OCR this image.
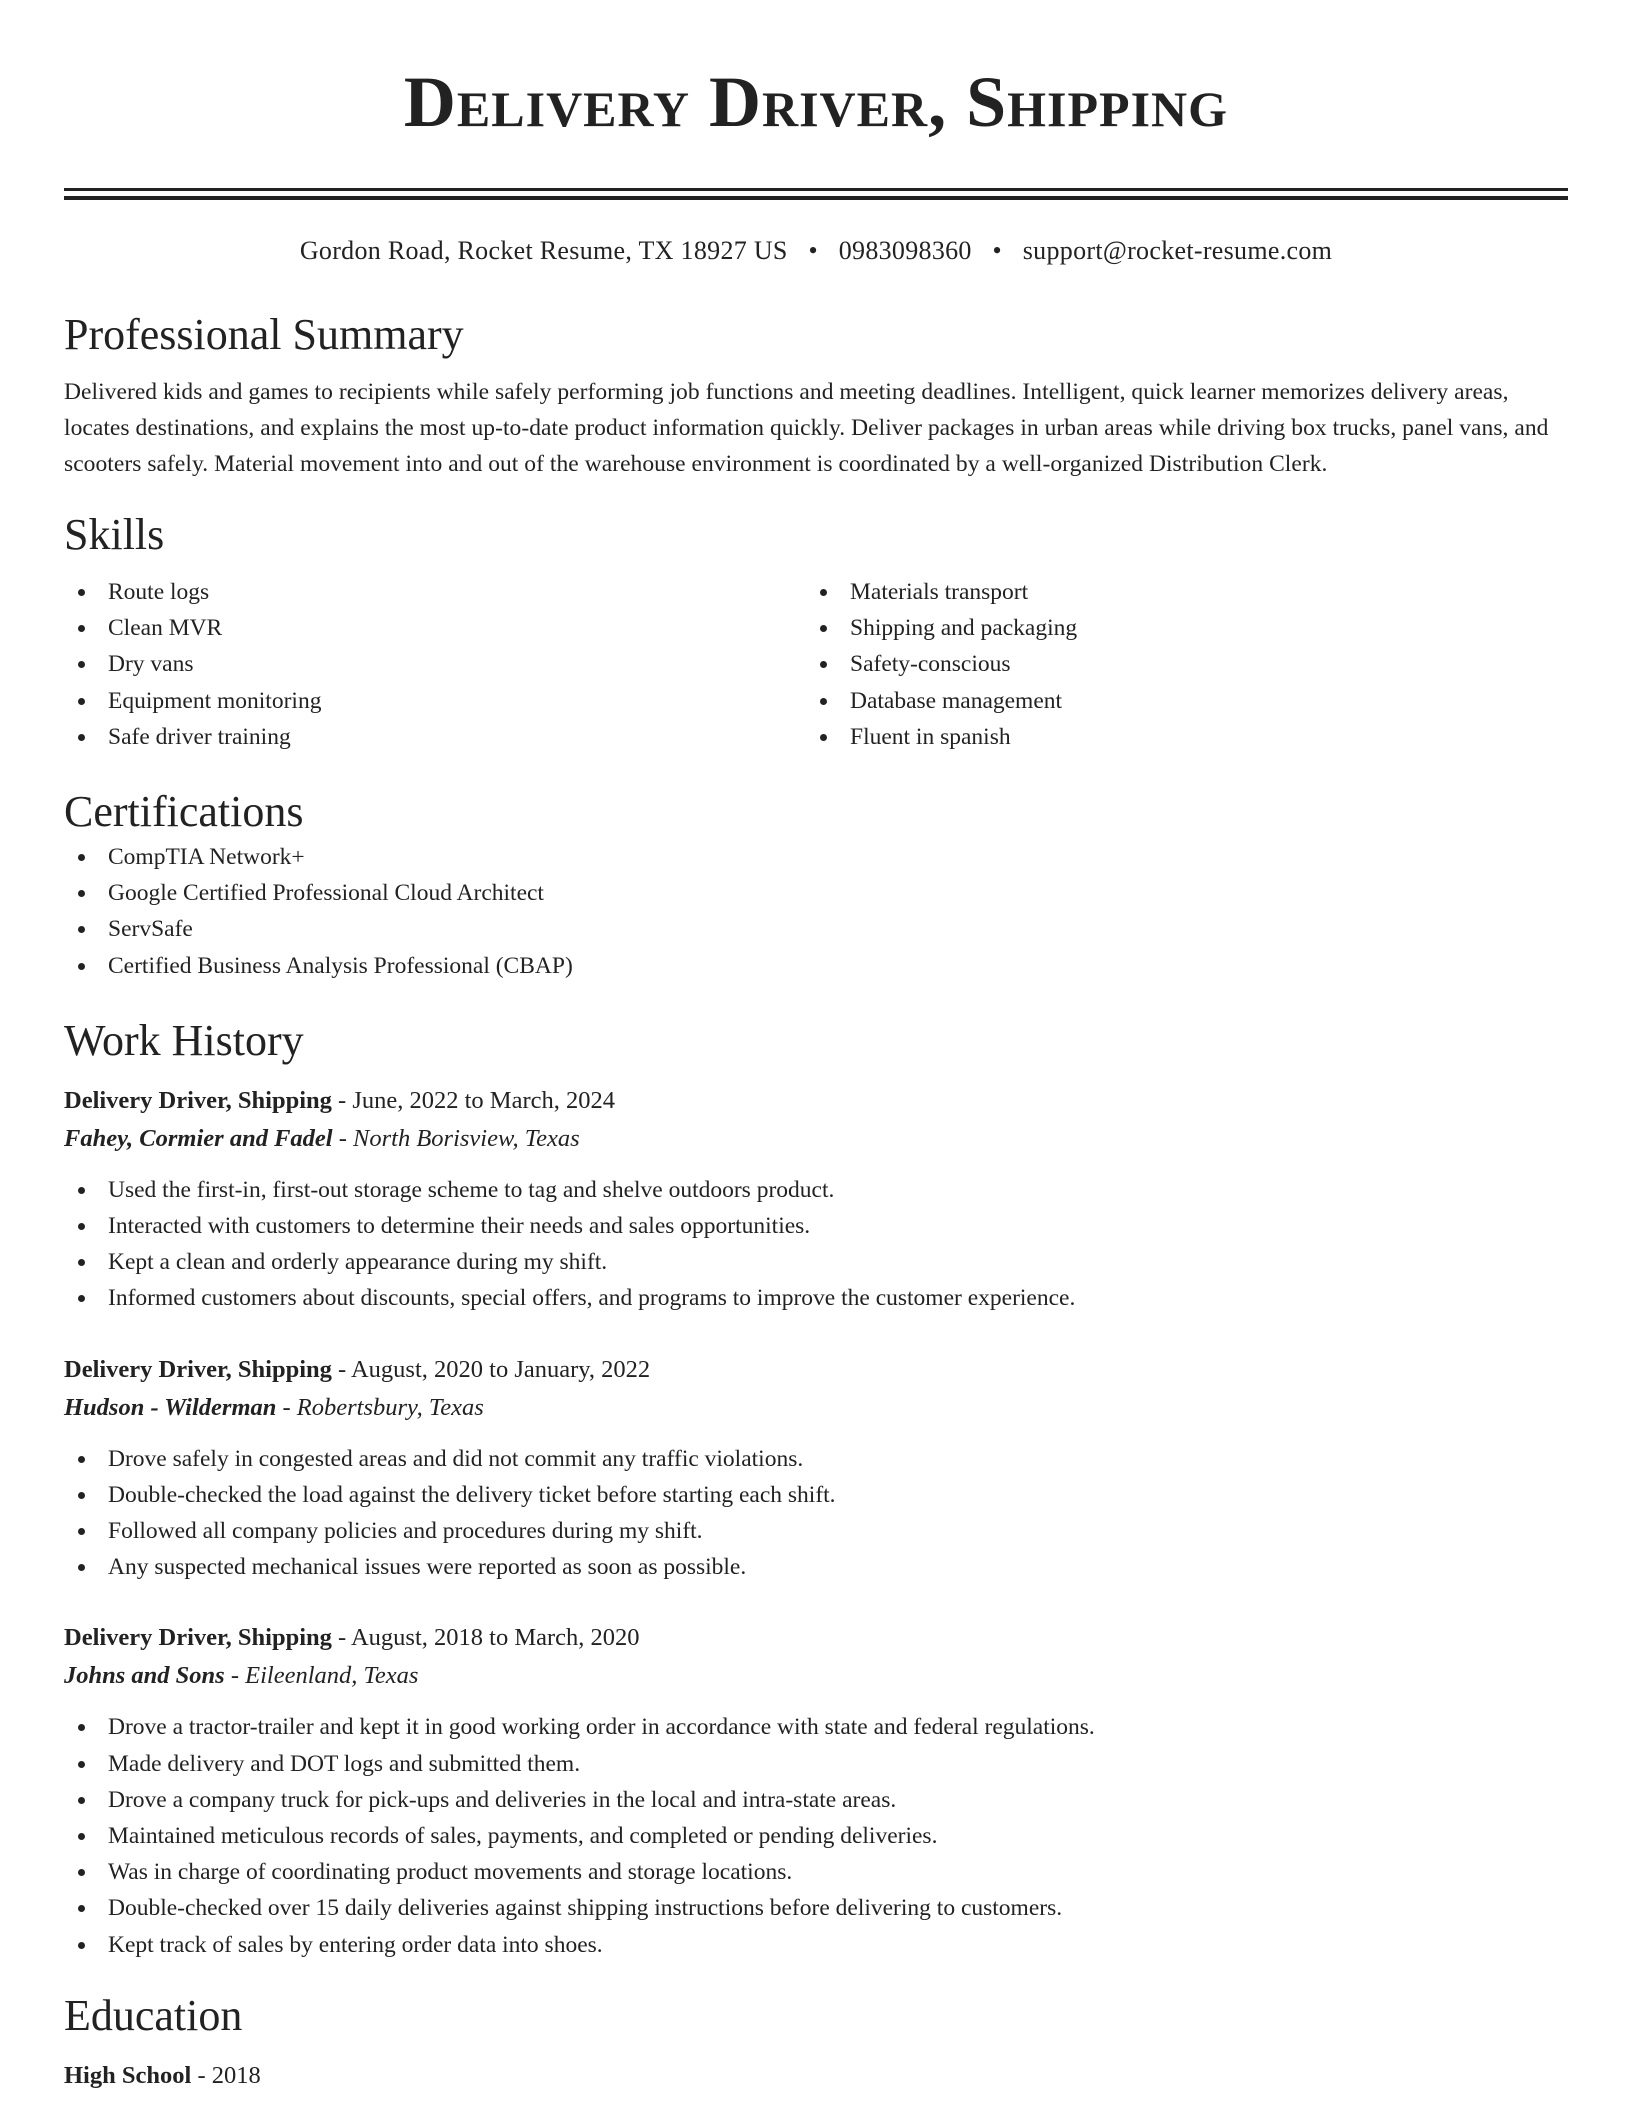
Delivery Driver, Shipping
Gordon Road, Rocket Resume, TX 18927 US • 0983098360 • support@rocket-resume.com
Professional Summary

Delivered kids and games to recipients while safely performing job functions and meeting deadlines. Intelligent, quick learner memorizes delivery areas, locates destinations, and explains the most up-to-date product information quickly. Deliver packages in urban areas while driving box trucks, panel vans, and scooters safely. Material movement into and out of the warehouse environment is coordinated by a well-organized Distribution Clerk.

Skills
Route logs
Clean MVR
Dry vans
Equipment monitoring
Safe driver training
Materials transport
Shipping and packaging
Safety-conscious
Database management
Fluent in spanish
Certifications
CompTIA Network+
Google Certified Professional Cloud Architect
ServSafe
Certified Business Analysis Professional (CBAP)
Work History
Delivery Driver, Shipping - June, 2022 to March, 2024
Fahey, Cormier and Fadel - North Borisview, Texas
Used the first-in, first-out storage scheme to tag and shelve outdoors product.
Interacted with customers to determine their needs and sales opportunities.
Kept a clean and orderly appearance during my shift.
Informed customers about discounts, special offers, and programs to improve the customer experience.
Delivery Driver, Shipping - August, 2020 to January, 2022
Hudson - Wilderman - Robertsbury, Texas
Drove safely in congested areas and did not commit any traffic violations.
Double-checked the load against the delivery ticket before starting each shift.
Followed all company policies and procedures during my shift.
Any suspected mechanical issues were reported as soon as possible.
Delivery Driver, Shipping - August, 2018 to March, 2020
Johns and Sons - Eileenland, Texas
Drove a tractor-trailer and kept it in good working order in accordance with state and federal regulations.
Made delivery and DOT logs and submitted them.
Drove a company truck for pick-ups and deliveries in the local and intra-state areas.
Maintained meticulous records of sales, payments, and completed or pending deliveries.
Was in charge of coordinating product movements and storage locations.
Double-checked over 15 daily deliveries against shipping instructions before delivering to customers.
Kept track of sales by entering order data into shoes.
Education
High School - 2018
